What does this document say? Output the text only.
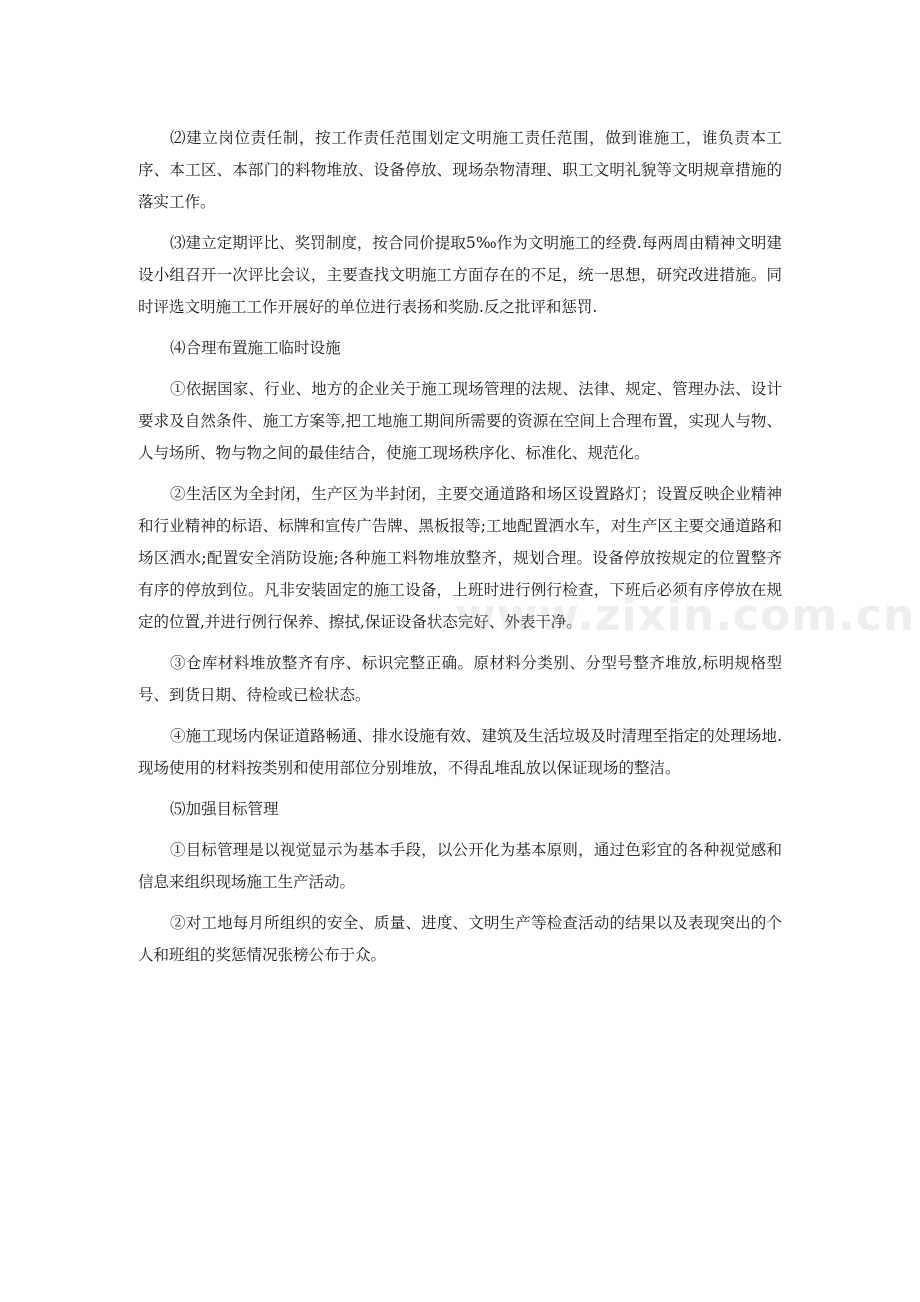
⑵建立岗位责任制，按工作责任范围划定文明施工责任范围，做到谁施工，谁负责本工序、本工区、本部门的料物堆放、设备停放、现场杂物清理、职工文明礼貌等文明规章措施的落实工作。

⑶建立定期评比、奖罚制度，按合同价提取5‰作为文明施工的经费.每两周由精神文明建设小组召开一次评比会议，主要查找文明施工方面存在的不足，统一思想，研究改进措施。同时评选文明施工工作开展好的单位进行表扬和奖励.反之批评和惩罚.

⑷合理布置施工临时设施

①依据国家、行业、地方的企业关于施工现场管理的法规、法律、规定、管理办法、设计要求及自然条件、施工方案等,把工地施工期间所需要的资源在空间上合理布置，实现人与物、人与场所、物与物之间的最佳结合，使施工现场秩序化、标准化、规范化。

②生活区为全封闭，生产区为半封闭，主要交通道路和场区设置路灯；设置反映企业精神和行业精神的标语、标牌和宣传广告牌、黑板报等;工地配置洒水车，对生产区主要交通道路和场区洒水;配置安全消防设施;各种施工料物堆放整齐，规划合理。设备停放按规定的位置整齐有序的停放到位。凡非安装固定的施工设备，上班时进行例行检查，下班后必须有序停放在规定的位置,并进行例行保养、擦拭,保证设备状态完好、外表干净。

③仓库材料堆放整齐有序、标识完整正确。原材料分类别、分型号整齐堆放,标明规格型号、到货日期、待检或已检状态。

④施工现场内保证道路畅通、排水设施有效、建筑及生活垃圾及时清理至指定的处理场地.现场使用的材料按类别和使用部位分别堆放，不得乱堆乱放以保证现场的整洁。

⑸加强目标管理

①目标管理是以视觉显示为基本手段，以公开化为基本原则，通过色彩宜的各种视觉感和信息来组织现场施工生产活动。

②对工地每月所组织的安全、质量、进度、文明生产等检查活动的结果以及表现突出的个人和班组的奖惩情况张榜公布于众。

www.zixin.com.cn
